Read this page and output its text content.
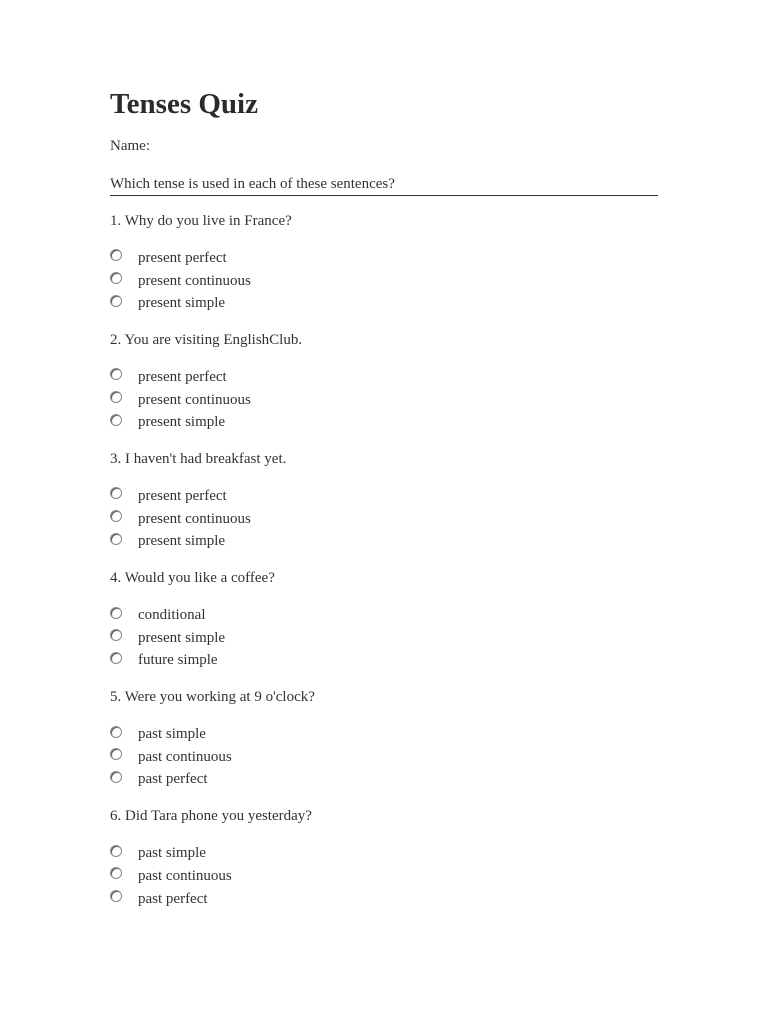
Tenses Quiz
Name:
Which tense is used in each of these sentences?
1. Why do you live in France?
present perfect
present continuous
present simple
2. You are visiting EnglishClub.
present perfect
present continuous
present simple
3. I haven't had breakfast yet.
present perfect
present continuous
present simple
4. Would you like a coffee?
conditional
present simple
future simple
5. Were you working at 9 o'clock?
past simple
past continuous
past perfect
6. Did Tara phone you yesterday?
past simple
past continuous
past perfect
